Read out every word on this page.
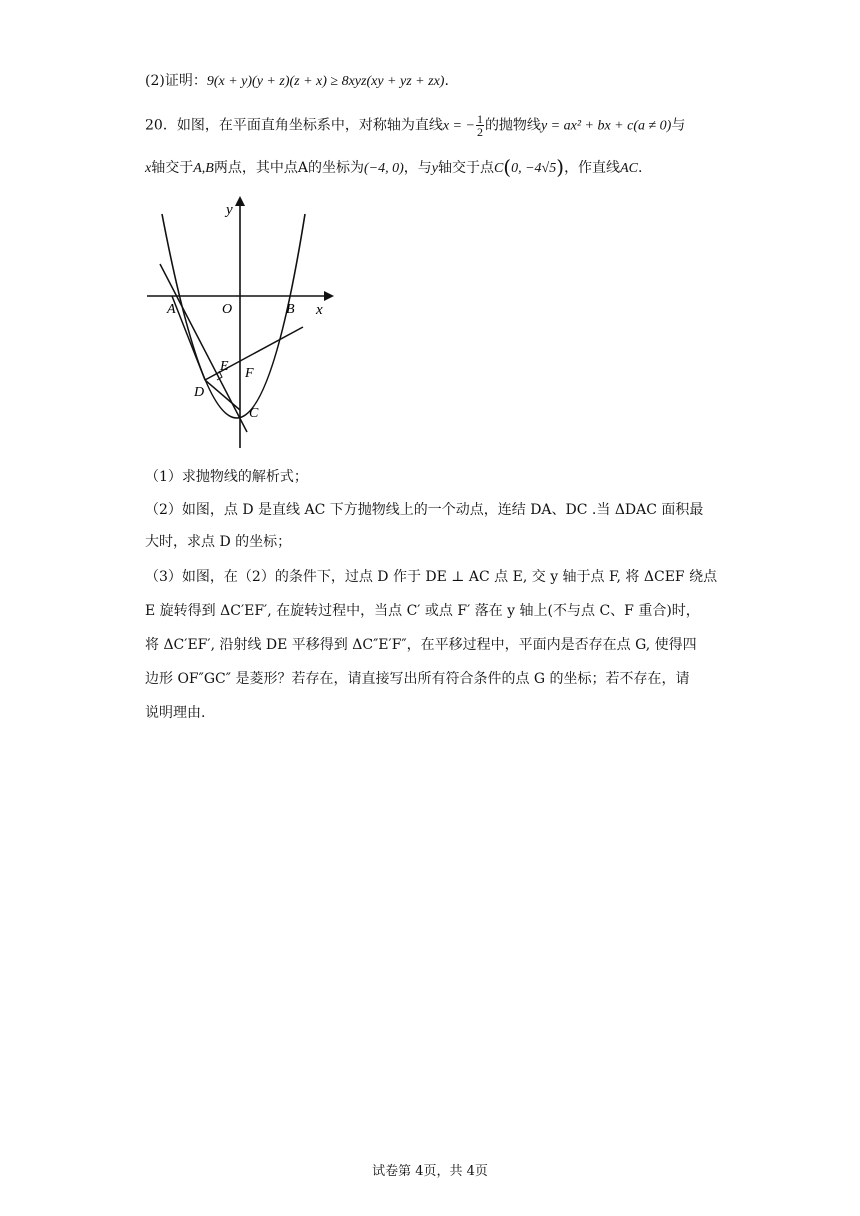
(2)证明：9(x + y)(y + z)(z + x) ≥ 8xyz(xy + yz + zx).
20．如图，在平面直角坐标系中，对称轴为直线x = − $\frac{1}{2}$ 的抛物线y = ax² + bx + c(a ≠ 0)与
x轴交于A,B两点，其中点A的坐标为(−4, 0)，与y轴交于点C(0, −4√5)，作直线AC.
y
x
A	O	B
E F
D
C
（1）求抛物线的解析式；
（2）如图，点 D 是直线 AC 下方抛物线上的一个动点，连结 DA、DC .当 ΔDAC 面积最
大时，求点 D 的坐标；
（3）如图，在（2）的条件下，过点 D 作于 DE ⊥ AC 点 E, 交 y 轴于点 F, 将 ΔCEF 绕点
E 旋转得到 ΔC′EF′, 在旋转过程中，当点 C′ 或点 F′ 落在 y 轴上(不与点 C、F 重合)时，
将 ΔC′EF′, 沿射线 DE 平移得到 ΔC″E′F″，在平移过程中，平面内是否存在点 G, 使得四
边形 OF″GC″ 是菱形？若存在，请直接写出所有符合条件的点 G 的坐标；若不存在，请
说明理由.
试卷第 4页，共 4页
